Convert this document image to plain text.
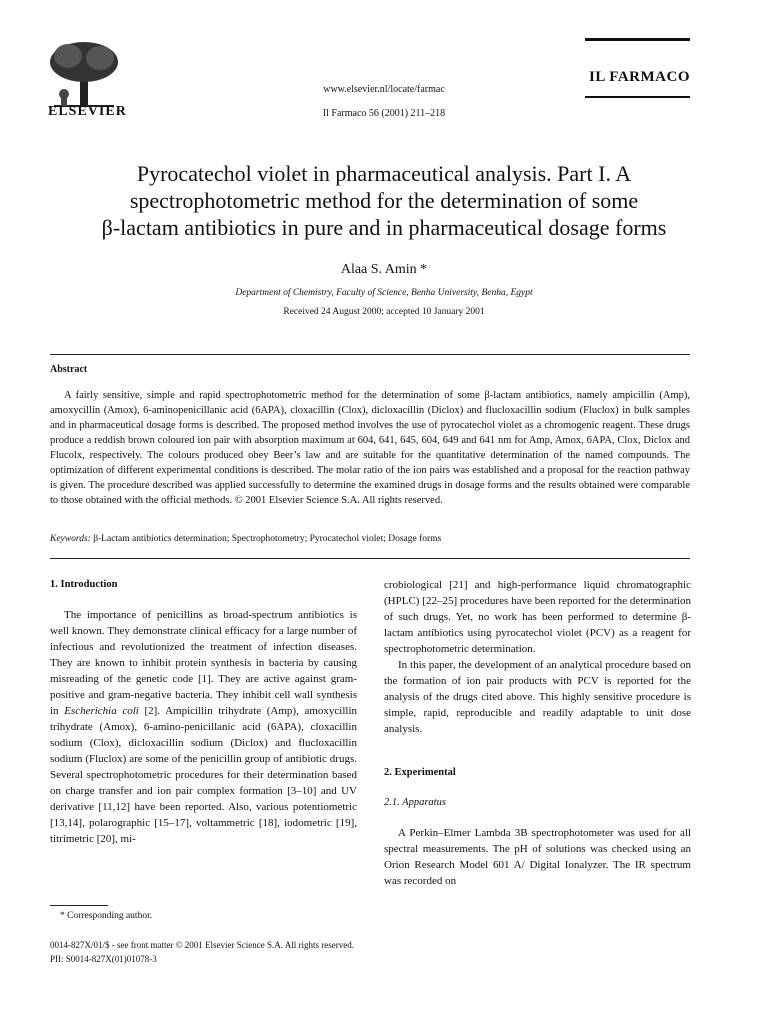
ELSEVIER
www.elsevier.nl/locate/farmac
Il Farmaco 56 (2001) 211–218
IL FARMACO
Pyrocatechol violet in pharmaceutical analysis. Part I. A
spectrophotometric method for the determination of some
β-lactam antibiotics in pure and in pharmaceutical dosage forms
Alaa S. Amin *
Department of Chemistry, Faculty of Science, Benha University, Benha, Egypt
Received 24 August 2000; accepted 10 January 2001
Abstract
A fairly sensitive, simple and rapid spectrophotometric method for the determination of some β-lactam antibiotics, namely ampicillin (Amp), amoxycillin (Amox), 6-aminopenicillanic acid (6APA), cloxacillin (Clox), dicloxacillin (Diclox) and flucloxacillin sodium (Fluclox) in bulk samples and in pharmaceutical dosage forms is described. The proposed method involves the use of pyrocatechol violet as a chromogenic reagent. These drugs produce a reddish brown coloured ion pair with absorption maximum at 604, 641, 645, 604, 649 and 641 nm for Amp, Amox, 6APA, Clox, Diclox and Flucolx, respectively. The colours produced obey Beer’s law and are suitable for the quantitative determination of the named compounds. The optimization of different experimental conditions is described. The molar ratio of the ion pairs was established and a proposal for the reaction pathway is given. The procedure described was applied successfully to determine the examined drugs in dosage forms and the results obtained were comparable to those obtained with the official methods. © 2001 Elsevier Science S.A. All rights reserved.
Keywords: β-Lactam antibiotics determination; Spectrophotometry; Pyrocatechol violet; Dosage forms
1. Introduction

The importance of penicillins as broad-spectrum antibiotics is well known. They demonstrate clinical efficacy for a large number of infectious and revolutionized the treatment of infection diseases. They are known to inhibit protein synthesis in bacteria by causing misreading of the genetic code [1]. They are active against gram-positive and gram-negative bacteria. They inhibit cell wall synthesis in Escherichia coli [2]. Ampicillin trihydrate (Amp), amoxycillin trihydrate (Amox), 6-amino-penicillanic acid (6APA), cloxacillin sodium (Clox), dicloxacillin sodium (Diclox) and flucloxacillin sodium (Fluclox) are some of the penicillin group of antibiotic drugs. Several spectrophotometric procedures for their determination based on charge transfer and ion pair complex formation [3–10] and UV derivative [11,12] have been reported. Also, various potentiometric [13,14], polarographic [15–17], voltammetric [18], iodometric [19], titrimetric [20], mi-

crobiological [21] and high-performance liquid chromatographic (HPLC) [22–25] procedures have been reported for the determination of such drugs. Yet, no work has been performed to determine β-lactam antibiotics using pyrocatechol violet (PCV) as a reagent for spectrophotometric determination.

In this paper, the development of an analytical procedure based on the formation of ion pair products with PCV is reported for the analysis of the drugs cited above. This highly sensitive procedure is simple, rapid, reproducible and readily adaptable to unit dose analysis.

2. Experimental
2.1. Apparatus

A Perkin–Elmer Lambda 3B spectrophotometer was used for all spectral measurements. The pH of solutions was checked using an Orion Research Model 601 A/ Digital Ionalyzer. The IR spectrum was recorded on

* Corresponding author.
0014-827X/01/$ - see front matter © 2001 Elsevier Science S.A. All rights reserved.
PII: S0014-827X(01)01078-3
